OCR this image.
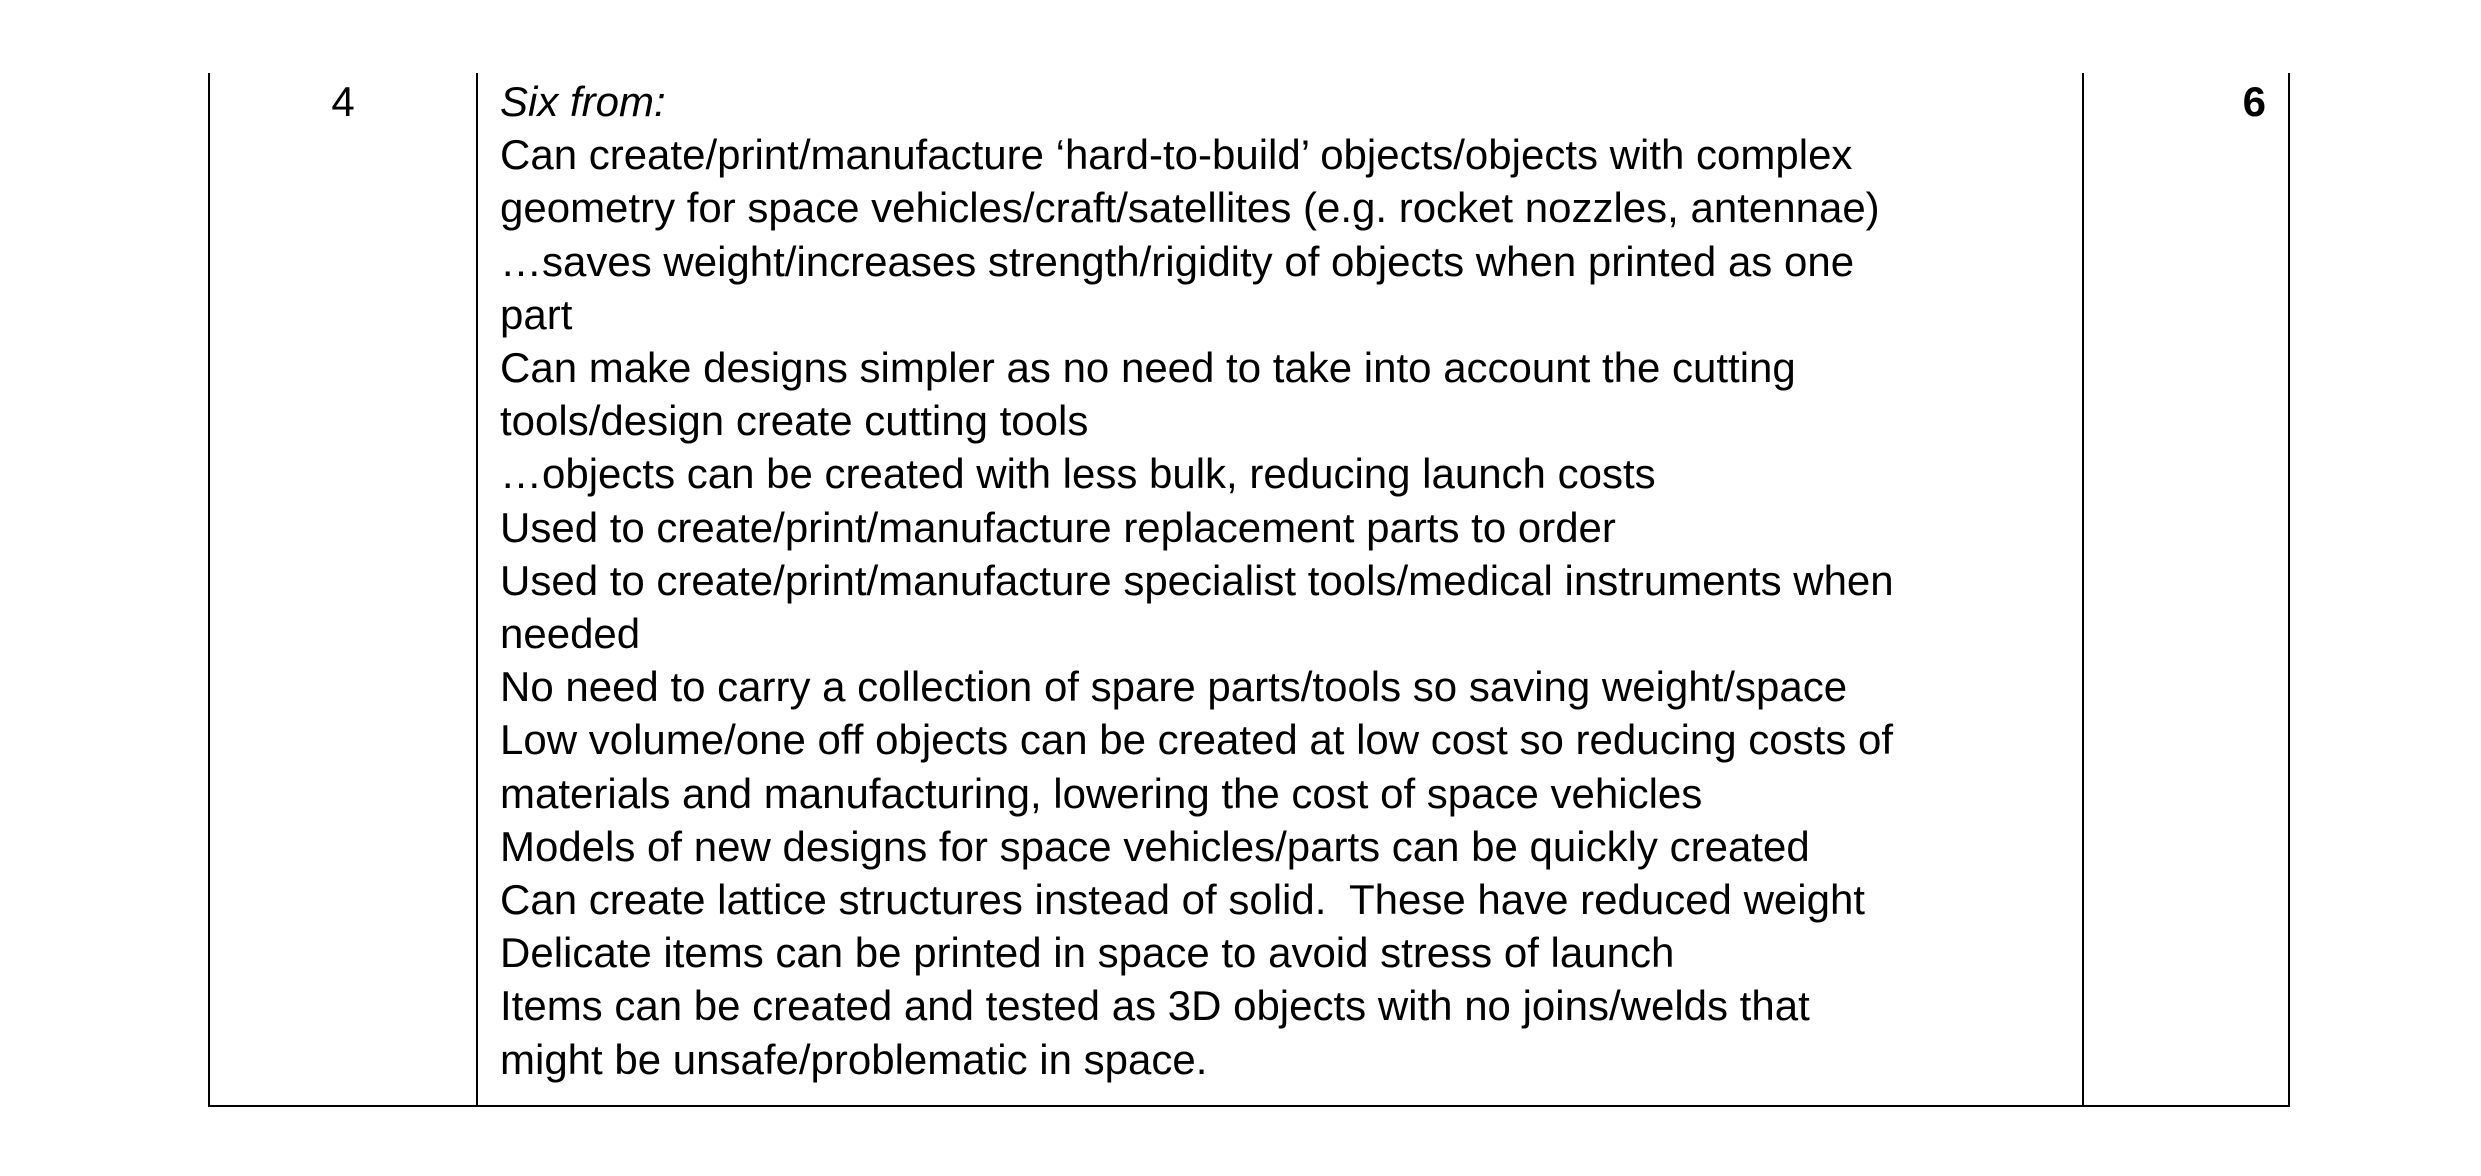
4	Six from:
Can create/print/manufacture ‘hard-to-build’ objects/objects with complex
geometry for space vehicles/craft/satellites (e.g. rocket nozzles, antennae)
…saves weight/increases strength/rigidity of objects when printed as one
part
Can make designs simpler as no need to take into account the cutting
tools/design create cutting tools
…objects can be created with less bulk, reducing launch costs
Used to create/print/manufacture replacement parts to order
Used to create/print/manufacture specialist tools/medical instruments when
needed
No need to carry a collection of spare parts/tools so saving weight/space
Low volume/one off objects can be created at low cost so reducing costs of
materials and manufacturing, lowering the cost of space vehicles
Models of new designs for space vehicles/parts can be quickly created
Can create lattice structures instead of solid.  These have reduced weight
Delicate items can be printed in space to avoid stress of launch
Items can be created and tested as 3D objects with no joins/welds that
might be unsafe/problematic in space.
6
